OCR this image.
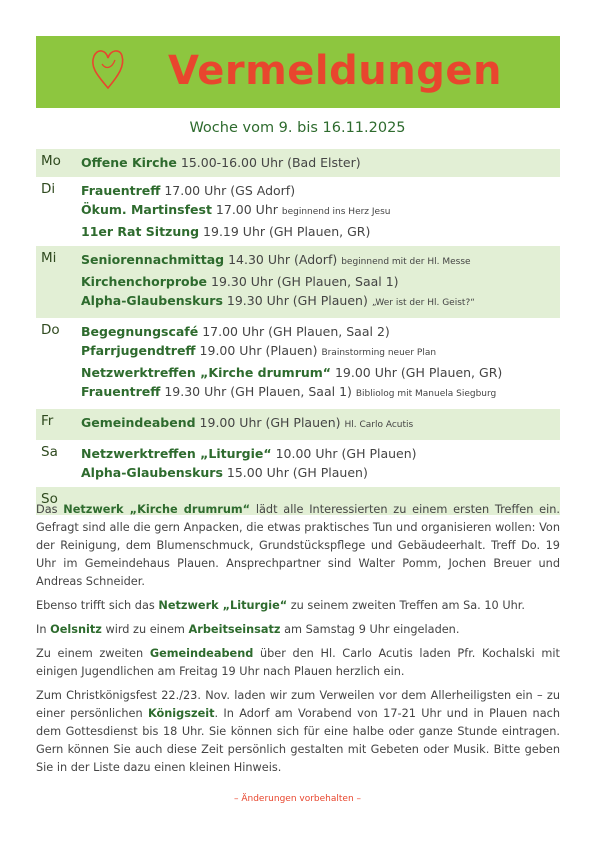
Vermeldungen
Woche vom 9. bis 16.11.2025
Mo	Offene Kirche 15.00-16.00 Uhr (Bad Elster)
Di	Frauentreff 17.00 Uhr (GS Adorf)
Ökum. Martinsfest 17.00 Uhr beginnend ins Herz Jesu
11er Rat Sitzung 19.19 Uhr (GH Plauen, GR)
Mi	Seniorennachmittag 14.30 Uhr (Adorf) beginnend mit der Hl. Messe
Kirchenchorprobe 19.30 Uhr (GH Plauen, Saal 1)
Alpha-Glaubenskurs 19.30 Uhr (GH Plauen) „Wer ist der Hl. Geist?“
Do	Begegnungscafé 17.00 Uhr (GH Plauen, Saal 2)
Pfarrjugendtreff 19.00 Uhr (Plauen) Brainstorming neuer Plan
Netzwerktreffen „Kirche drumrum“ 19.00 Uhr (GH Plauen, GR)
Frauentreff 19.30 Uhr (GH Plauen, Saal 1) Bibliolog mit Manuela Siegburg
Fr	Gemeindeabend 19.00 Uhr (GH Plauen) Hl. Carlo Acutis
Sa	Netzwerktreffen „Liturgie“ 10.00 Uhr (GH Plauen)
Alpha-Glaubenskurs 15.00 Uhr (GH Plauen)
So

Das Netzwerk „Kirche drumrum“ lädt alle Interessierten zu einem ersten Treffen ein. Gefragt sind alle die gern Anpacken, die etwas praktisches Tun und organisieren wollen: Von der Reinigung, dem Blumenschmuck, Grundstückspflege und Gebäudeerhalt. Treff Do. 19 Uhr im Gemeindehaus Plauen. Ansprechpartner sind Walter Pomm, Jochen Breuer und Andreas Schneider.

Ebenso trifft sich das Netzwerk „Liturgie“ zu seinem zweiten Treffen am Sa. 10 Uhr.

In Oelsnitz wird zu einem Arbeitseinsatz am Samstag 9 Uhr eingeladen.

Zu einem zweiten Gemeindeabend über den Hl. Carlo Acutis laden Pfr. Kochalski mit einigen Jugendlichen am Freitag 19 Uhr nach Plauen herzlich ein.

Zum Christkönigsfest 22./23. Nov. laden wir zum Verweilen vor dem Allerheiligsten ein – zu einer persönlichen Königszeit. In Adorf am Vorabend von 17-21 Uhr und in Plauen nach dem Gottesdienst bis 18 Uhr. Sie können sich für eine halbe oder ganze Stunde eintragen. Gern können Sie auch diese Zeit persönlich gestalten mit Gebeten oder Musik. Bitte geben Sie in der Liste dazu einen kleinen Hinweis.

– Änderungen vorbehalten –
